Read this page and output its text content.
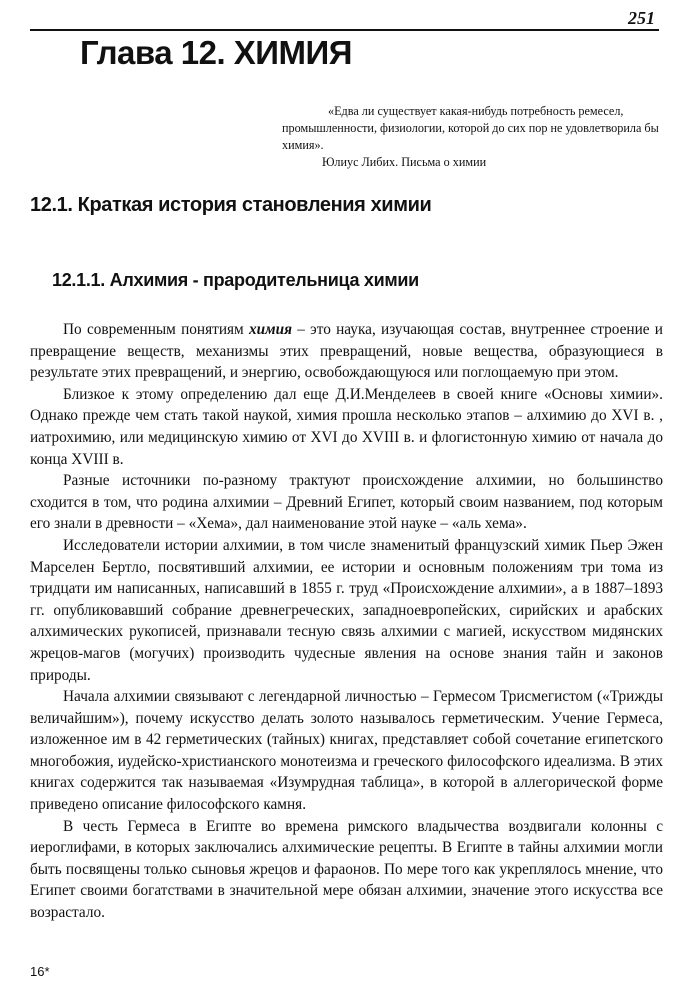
251
Глава 12. ХИМИЯ

«Едва ли существует какая-нибудь потребность ремесел, промышленности, физиологии, которой до сих пор не удовлетворила бы химия».

Юлиус Либих. Письма о химии

12.1. Краткая история становления химии
12.1.1. Алхимия - прародительница химии

По современным понятиям химия – это наука, изучающая состав, внутреннее строение и превращение веществ, механизмы этих превращений, новые вещества, образующиеся в результате этих превращений, и энергию, освобождающуюся или поглощаемую при этом.

Близкое к этому определению дал еще Д.И.Менделеев в своей книге «Основы химии». Однако прежде чем стать такой наукой, химия прошла несколько этапов – алхимию до XVI в. , иатрохимию, или медицинскую химию от XVI до XVIII в. и флогистонную химию от начала до конца XVIII в.

Разные источники по-разному трактуют происхождение алхимии, но большинство сходится в том, что родина алхимии – Древний Египет, который своим названием, под которым его знали в древности – «Хема», дал наименование этой науке – «аль хема».

Исследователи истории алхимии, в том числе знаменитый французский химик Пьер Эжен Марселен Бертло, посвятивший алхимии, ее истории и основным положениям три тома из тридцати им написанных, написавший в 1855 г. труд «Происхождение алхимии», а в 1887–1893 гг. опубликовавший собрание древнегреческих, западноевропейских, сирийских и арабских алхимических рукописей, признавали тесную связь алхимии с магией, искусством мидянских жрецов-магов (могучих) производить чудесные явления на основе знания тайн и законов природы.

Начала алхимии связывают с легендарной личностью – Гермесом Трисмегистом («Трижды величайшим»), почему искусство делать золото называлось герметическим. Учение Гермеса, изложенное им в 42 герметических (тайных) книгах, представляет собой сочетание египетского многобожия, иудейско-христианского монотеизма и греческого философского идеализма. В этих книгах содержится так называемая «Изумрудная таблица», в которой в аллегорической форме приведено описание философского камня.

В честь Гермеса в Египте во времена римского владычества воздвигали колонны с иероглифами, в которых заключались алхимические рецепты. В Египте в тайны алхимии могли быть посвящены только сыновья жрецов и фараонов. По мере того как укреплялось мнение, что Египет своими богатствами в значительной мере обязан алхимии, значение этого искусства все возрастало.

16*
